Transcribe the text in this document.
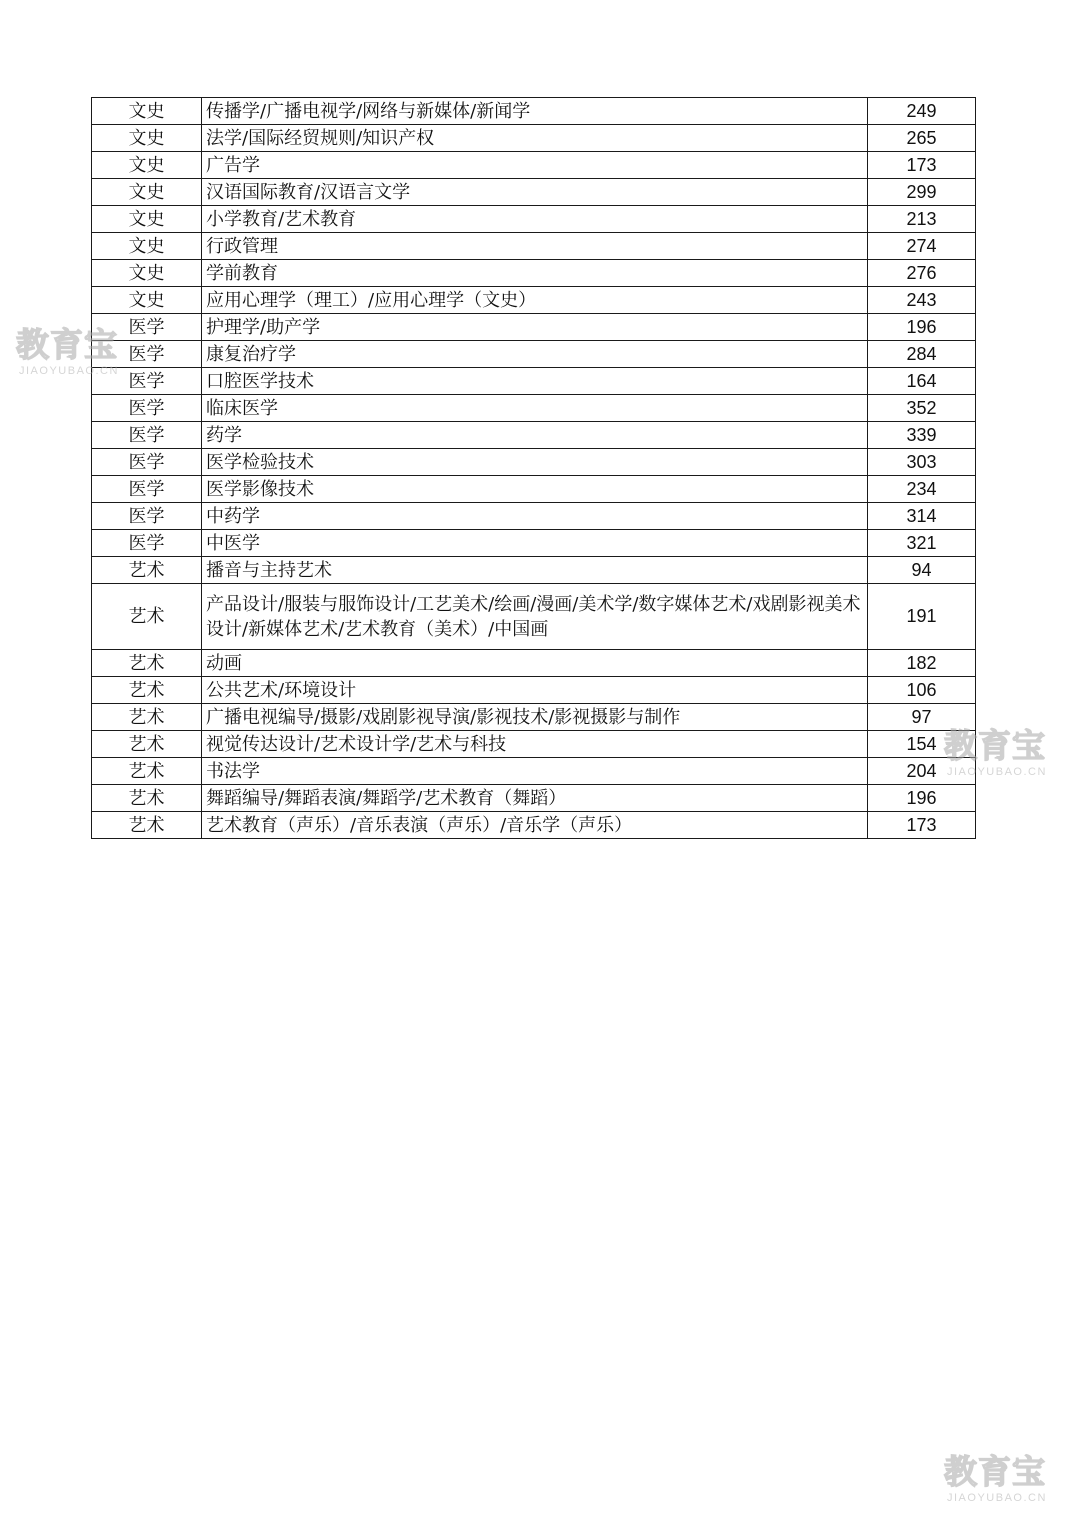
文史	传播学/广播电视学/网络与新媒体/新闻学	249
文史	法学/国际经贸规则/知识产权	265
文史	广告学	173
文史	汉语国际教育/汉语言文学	299
文史	小学教育/艺术教育	213
文史	行政管理	274
文史	学前教育	276
文史	应用心理学（理工）/应用心理学（文史）	243
医学	护理学/助产学	196
医学	康复治疗学	284
医学	口腔医学技术	164
医学	临床医学	352
医学	药学	339
医学	医学检验技术	303
医学	医学影像技术	234
医学	中药学	314
医学	中医学	321
艺术	播音与主持艺术	94
艺术	产品设计/服装与服饰设计/工艺美术/绘画/漫画/美术学/数字媒体艺术/戏剧影视美术设计/新媒体艺术/艺术教育（美术）/中国画	191
艺术	动画	182
艺术	公共艺术/环境设计	106
艺术	广播电视编导/摄影/戏剧影视导演/影视技术/影视摄影与制作	97
艺术	视觉传达设计/艺术设计学/艺术与科技	154
艺术	书法学	204
艺术	舞蹈编导/舞蹈表演/舞蹈学/艺术教育（舞蹈）	196
艺术	艺术教育（声乐）/音乐表演（声乐）/音乐学（声乐）	173
教育宝
JIAOYUBAO.CN
教育宝
JIAOYUBAO.CN
教育宝
JIAOYUBAO.CN
